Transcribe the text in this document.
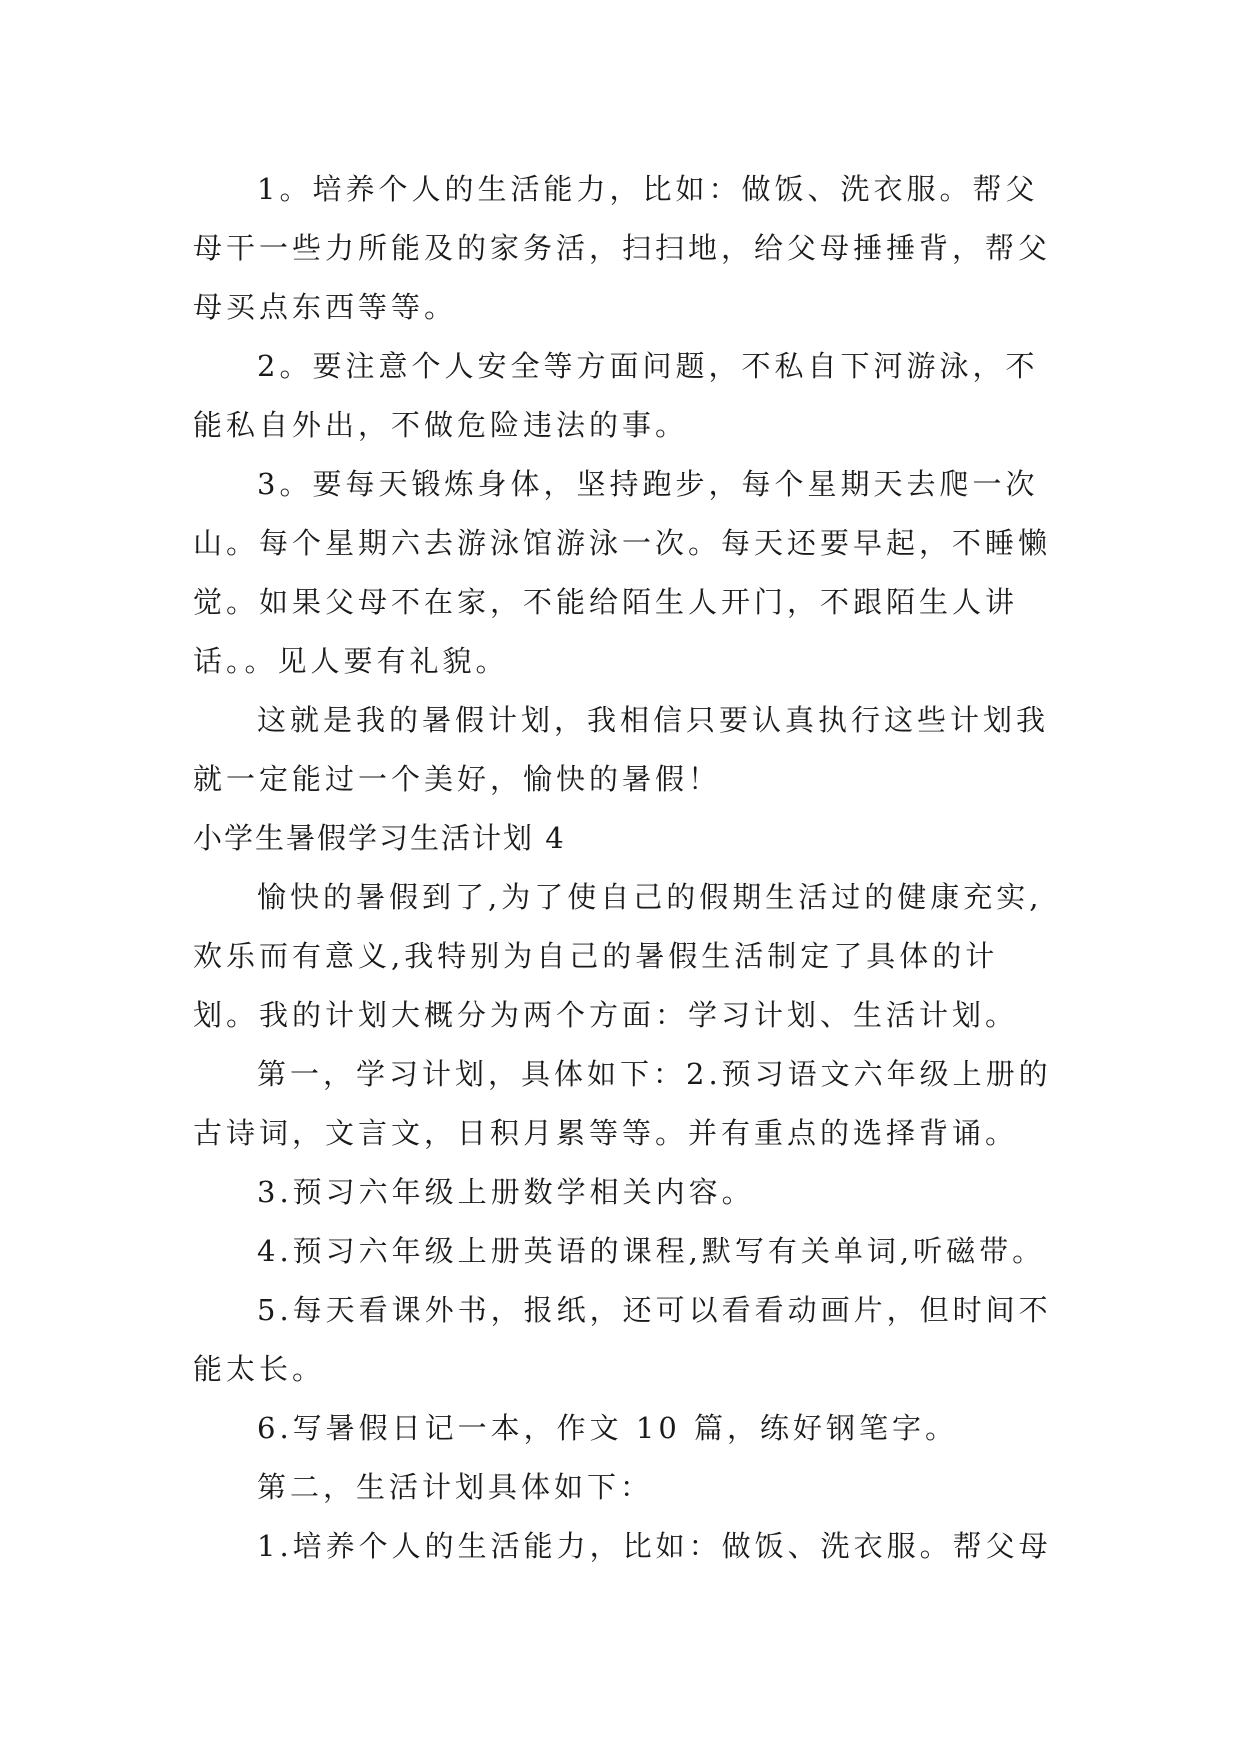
1。培养个人的生活能力，比如：做饭、洗衣服。帮父母干一些力所能及的家务活，扫扫地，给父母捶捶背，帮父母买点东西等等。

2。要注意个人安全等方面问题，不私自下河游泳，不能私自外出，不做危险违法的事。

3。要每天锻炼身体，坚持跑步，每个星期天去爬一次山。每个星期六去游泳馆游泳一次。每天还要早起，不睡懒觉。如果父母不在家，不能给陌生人开门，不跟陌生人讲话。。见人要有礼貌。

这就是我的暑假计划，我相信只要认真执行这些计划我就一定能过一个美好，愉快的暑假！

小学生暑假学习生活计划 4

愉快的暑假到了,为了使自己的假期生活过的健康充实,欢乐而有意义,我特别为自己的暑假生活制定了具体的计划。我的计划大概分为两个方面：学习计划、生活计划。

第一，学习计划，具体如下：2.预习语文六年级上册的古诗词，文言文，日积月累等等。并有重点的选择背诵。

3.预习六年级上册数学相关内容。

4.预习六年级上册英语的课程,默写有关单词,听磁带。

5.每天看课外书，报纸，还可以看看动画片，但时间不能太长。

6.写暑假日记一本，作文 10 篇，练好钢笔字。

第二，生活计划具体如下：

1.培养个人的生活能力，比如：做饭、洗衣服。帮父母
